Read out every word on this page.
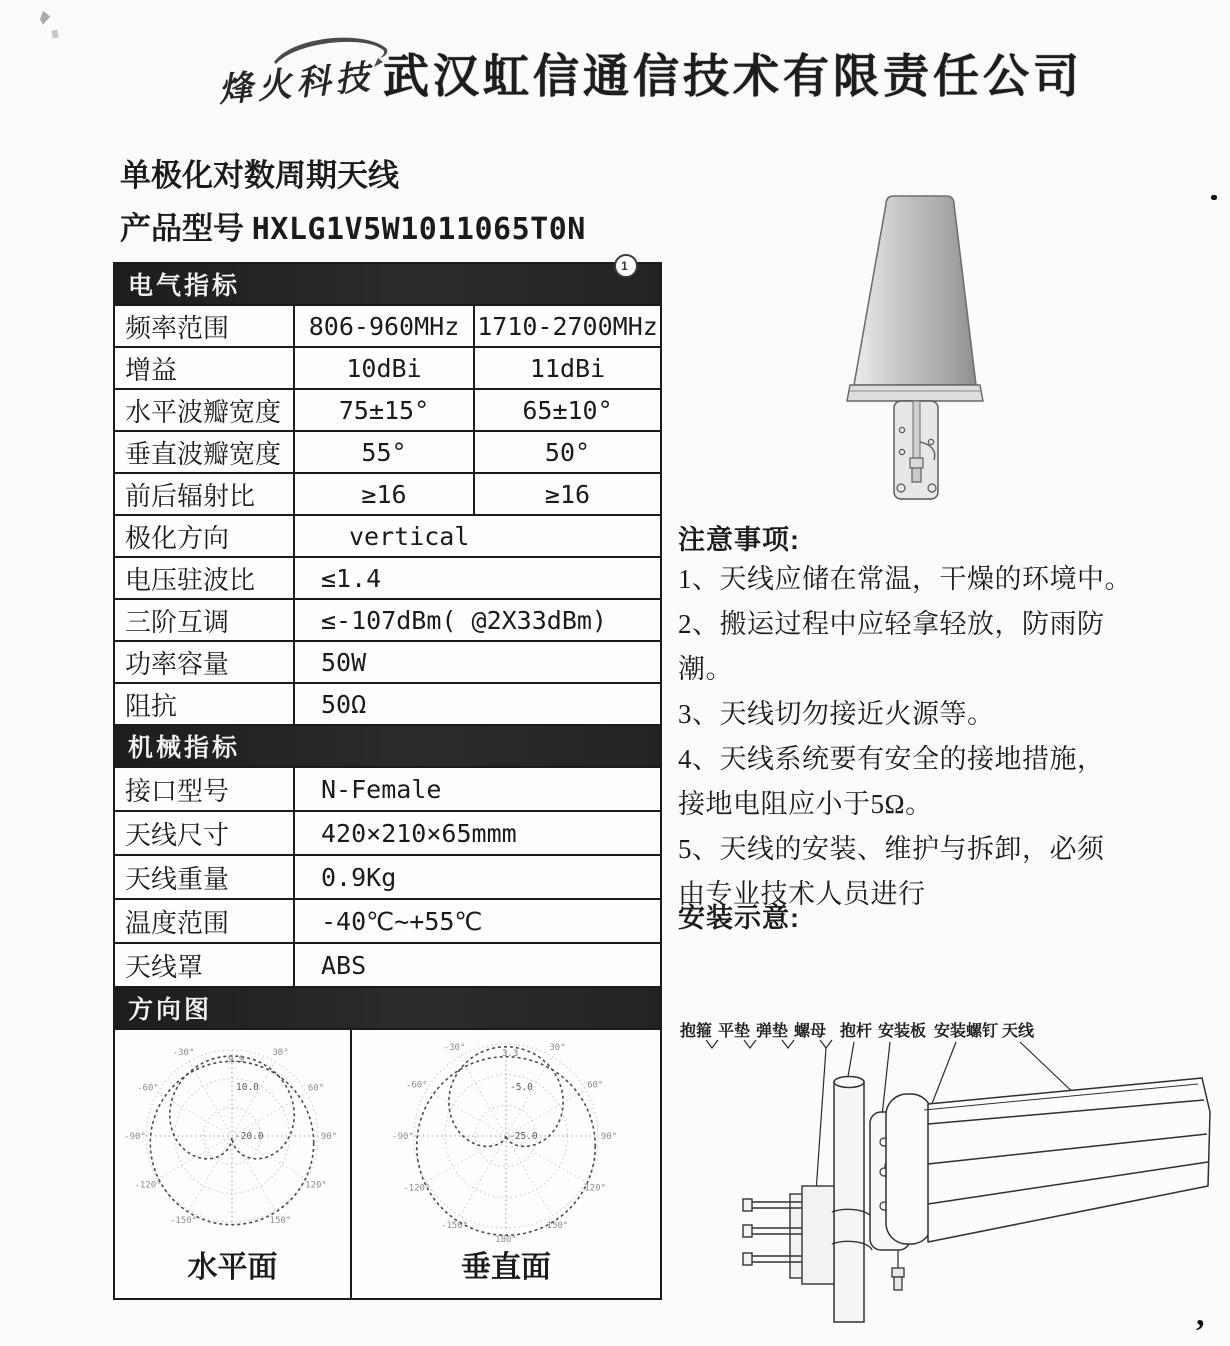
,
烽火科技 武汉虹信通信技术有限责任公司
单极化对数周期天线
产品型号 HXLG1V5W1011065T0N
电气指标
1
频率范围	806-960MHz 1710-2700MHz
增益	10dBi	11dBi
水平波瓣宽度	75±15°	65±10°
垂直波瓣宽度	55°	50°
前后辐射比	≥16	≥16
极化方向	vertical
电压驻波比	≤1.4
三阶互调	≤-107dBm( @2X33dBm)
功率容量	50W
阻抗	50Ω
机械指标
接口型号	N-Female
天线尺寸	420×210×65mmm
天线重量	0.9Kg
温度范围	-40℃~+55℃
天线罩	ABS
方向图
-30°	30°
-60°	60°
-90°	90°
-120°	120°
-150°	150°
10.0
-20.0
9.9
水平面
-30°	30°
-60°	60°
-90°	90°
-120°	120°
-150°	150°
180°
-5.0
-25.0
3.3
垂直面
注意事项:
1、天线应储在常温，干燥的环境中。
2、搬运过程中应轻拿轻放，防雨防
潮。
3、天线切勿接近火源等。
4、天线系统要有安全的接地措施，
接地电阻应小于5Ω。
5、天线的安装、维护与拆卸，必须
由专业技术人员进行
安装示意:
抱箍 平垫 弹垫 螺母 抱杆 安装板 安装螺钉 天线
